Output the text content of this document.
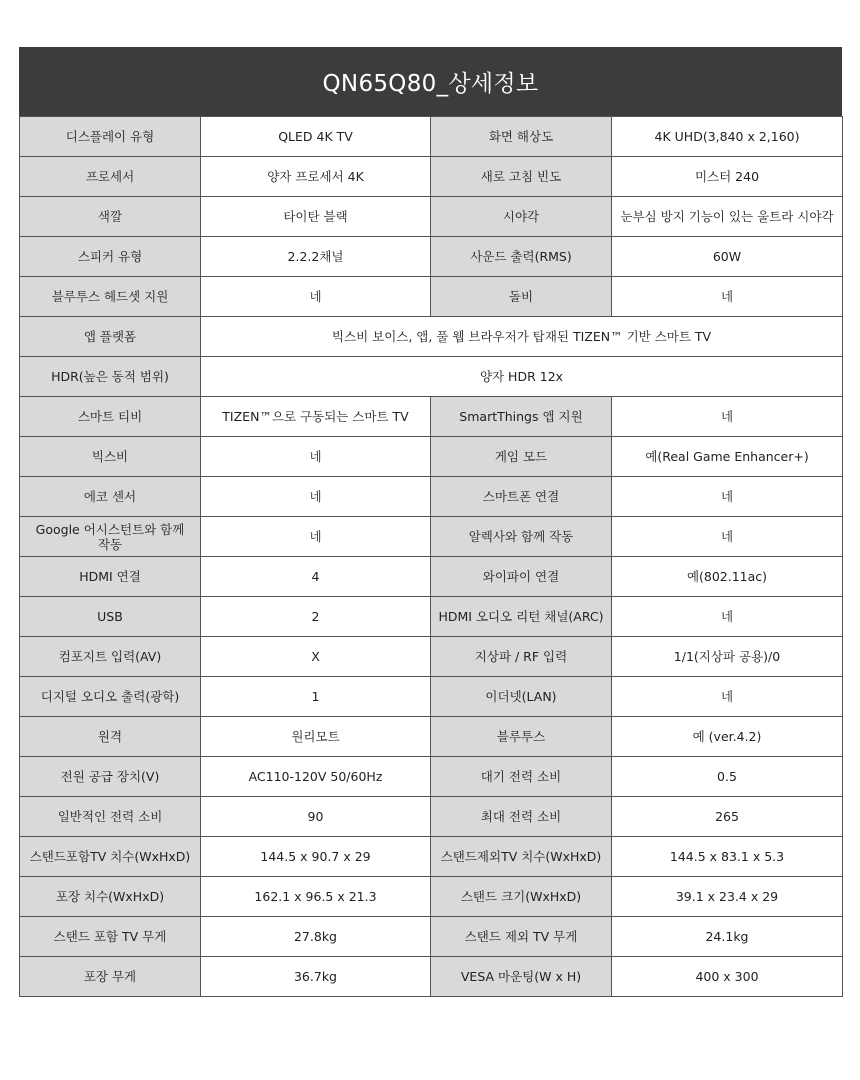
QN65Q80_상세정보
디스플레이 유형	QLED 4K TV	화면 해상도	4K UHD(3,840 x 2,160)
프로세서	양자 프로세서 4K	새로 고침 빈도	미스터 240
색깔	타이탄 블랙	시야각	눈부심 방지 기능이 있는 울트라 시야각
스피커 유형	2.2.2채널	사운드 출력(RMS)	60W
블루투스 헤드셋 지원	네	돌비	네
앱 플랫폼	빅스비 보이스, 앱, 풀 웹 브라우저가 탑재된 TIZEN™ 기반 스마트 TV		
HDR(높은 동적 범위)	양자 HDR 12x		
스마트 티비	TIZEN™으로 구동되는 스마트 TV	SmartThings 앱 지원	네
빅스비	네	게임 모드	예(Real Game Enhancer+)
에코 센서	네	스마트폰 연결	네
Google 어시스턴트와 함께 작동	네	알렉사와 함께 작동	네
HDMI 연결	4	와이파이 연결	예(802.11ac)
USB	2	HDMI 오디오 리턴 채널(ARC)	네
컴포지트 입력(AV)	X	지상파 / RF 입력	1/1(지상파 공용)/0
디지털 오디오 출력(광학)	1	이더넷(LAN)	네
원격	원리모트	블루투스	예 (ver.4.2)
전원 공급 장치(V)	AC110-120V 50/60Hz	대기 전력 소비	0.5
일반적인 전력 소비	90	최대 전력 소비	265
스탠드포함TV 치수(WxHxD)	144.5 x 90.7 x 29	스탠드제외TV 치수(WxHxD)	144.5 x 83.1 x 5.3
포장 치수(WxHxD)	162.1 x 96.5 x 21.3	스탠드 크기(WxHxD)	39.1 x 23.4 x 29
스탠드 포함 TV 무게	27.8kg	스탠드 제외 TV 무게	24.1kg
포장 무게	36.7kg	VESA 마운팅(W x H)	400 x 300
